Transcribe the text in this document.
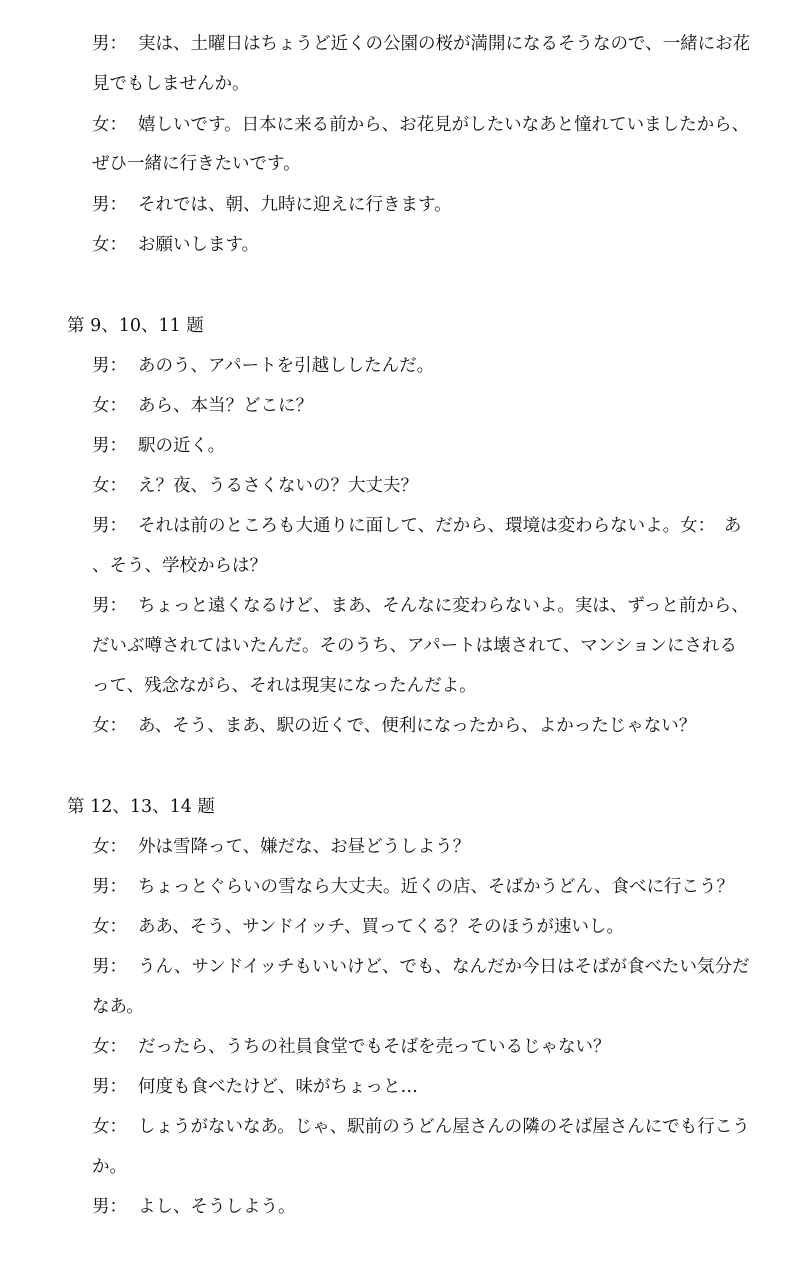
男： 実は、土曜日はちょうど近くの公園の桜が満開になるそうなので、一緒にお花
見でもしませんか。
女： 嬉しいです。日本に来る前から、お花見がしたいなあと憧れていましたから、
ぜひ一緒に行きたいです。
男： それでは、朝、九時に迎えに行きます。
女： お願いします。
第 9、10、11 题
男： あのう、アパートを引越ししたんだ。
女： あら、本当？どこに？
男： 駅の近く。
女： え？夜、うるさくないの？大丈夫？
男： それは前のところも大通りに面して、だから、環境は変わらないよ。女：　あ
、そう、学校からは？
男： ちょっと遠くなるけど、まあ、そんなに変わらないよ。実は、ずっと前から、
だいぶ噂されてはいたんだ。そのうち、アパートは壊されて、マンションにされる
って、残念ながら、それは現実になったんだよ。
女： あ、そう、まあ、駅の近くで、便利になったから、よかったじゃない？
第 12、13、14 题
女： 外は雪降って、嫌だな、お昼どうしよう？
男： ちょっとぐらいの雪なら大丈夫。近くの店、そばかうどん、食べに行こう？
女： ああ、そう、サンドイッチ、買ってくる？そのほうが速いし。
男： うん、サンドイッチもいいけど、でも、なんだか今日はそばが食べたい気分だ
なあ。
女： だったら、うちの社員食堂でもそばを売っているじゃない？
男： 何度も食べたけど、味がちょっと…
女： しょうがないなあ。じゃ、駅前のうどん屋さんの隣のそば屋さんにでも行こう
か。
男： よし、そうしよう。
